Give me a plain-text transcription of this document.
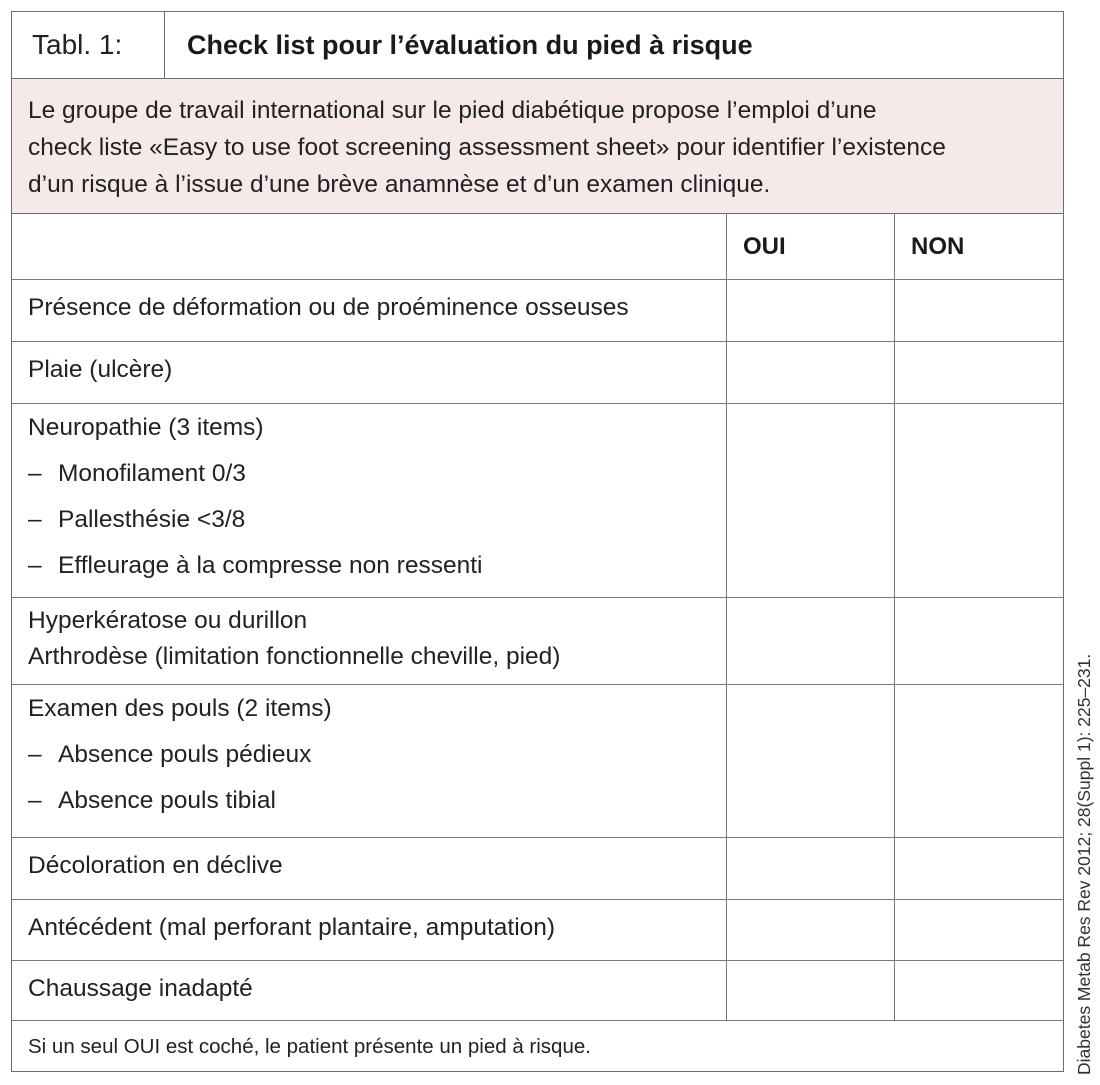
Tabl. 1:	Check list pour l’évaluation du pied à risque
Le groupe de travail international sur le pied diabétique propose l’emploi d’une
check liste «Easy to use foot screening assessment sheet» pour identifier l’existence
d’un risque à l’issue d’une brève anamnèse et d’un examen clinique.
OUI	NON
Présence de déformation ou de proéminence osseuses
Plaie (ulcère)
Neuropathie (3 items)
– Monofilament 0/3
– Pallesthésie <3/8
– Effleurage à la compresse non ressenti
Hyperkératose ou durillon
Arthrodèse (limitation fonctionnelle cheville, pied)
Examen des pouls (2 items)
– Absence pouls pédieux
– Absence pouls tibial
Décoloration en déclive
Antécédent (mal perforant plantaire, amputation)
Chaussage inadapté
Si un seul OUI est coché, le patient présente un pied à risque.	Diabetes Metab Res Rev 2012; 28(Suppl 1): 225–231.
